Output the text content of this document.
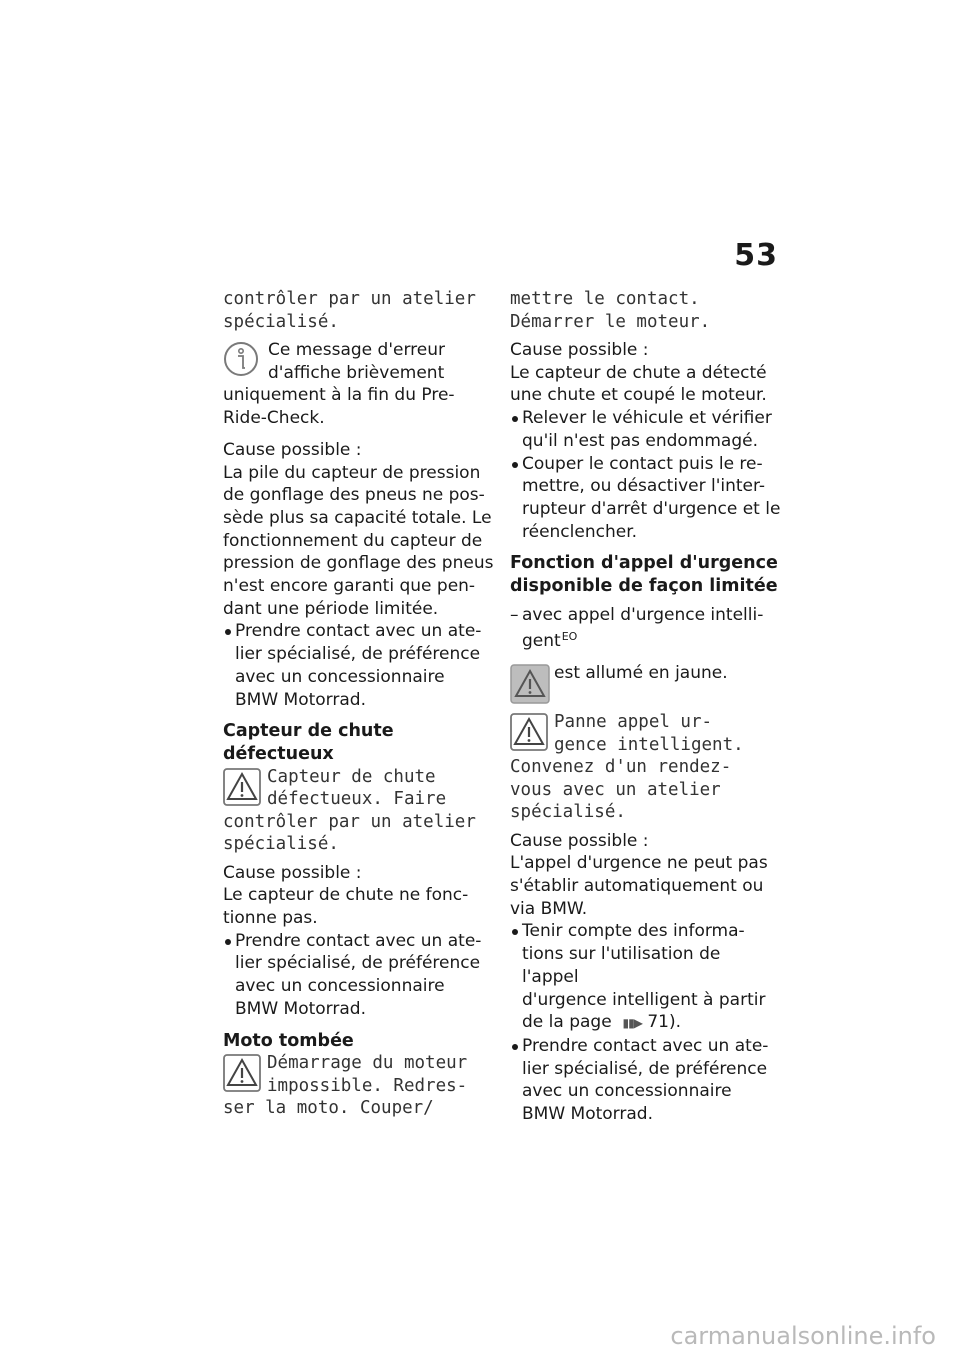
53

contrôler par un atelier

spécialisé.

Ce message d'erreur

d'affiche brièvement

uniquement à la fin du Pre-

Ride-Check.

Cause possible :

La pile du capteur de pression
de gonflage des pneus ne pos-
sède plus sa capacité totale. Le
fonctionnement du capteur de
pression de gonflage des pneus
n'est encore garanti que pen-
dant une période limitée.

Prendre contact avec un ate-
lier spécialisé, de préférence
avec un concessionnaire
BMW Motorrad.

Capteur de chute défectueux

Capteur de chute

défectueux. Faire

contrôler par un atelier

spécialisé.

Cause possible :

Le capteur de chute ne fonc-
tionne pas.

Prendre contact avec un ate-
lier spécialisé, de préférence
avec un concessionnaire
BMW Motorrad.

Moto tombée

Démarrage du moteur

impossible. Redres-

ser la moto. Couper/

mettre le contact.

Démarrer le moteur.

Cause possible :

Le capteur de chute a détecté
une chute et coupé le moteur.

Relever le véhicule et vérifier
qu'il n'est pas endommagé.

Couper le contact puis le re-
mettre, ou désactiver l'inter-
rupteur d'arrêt d'urgence et le
réenclencher.

Fonction d'appel d'urgence
disponible de façon limitée

– avec appel d'urgence intelli-
gent$^{EO}$

est allumé en jaune.

Panne appel ur-

gence intelligent.

Convenez d'un rendez-

vous avec un atelier

spécialisé.

Cause possible :

L'appel d'urgence ne peut pas
s'établir automatiquement ou
via BMW.

Tenir compte des informa-
tions sur l'utilisation de l'appel
d'urgence intelligent à partir
de la page ▮▮▶ 71).

Prendre contact avec un ate-
lier spécialisé, de préférence
avec un concessionnaire
BMW Motorrad.

carmanualsonline.info
